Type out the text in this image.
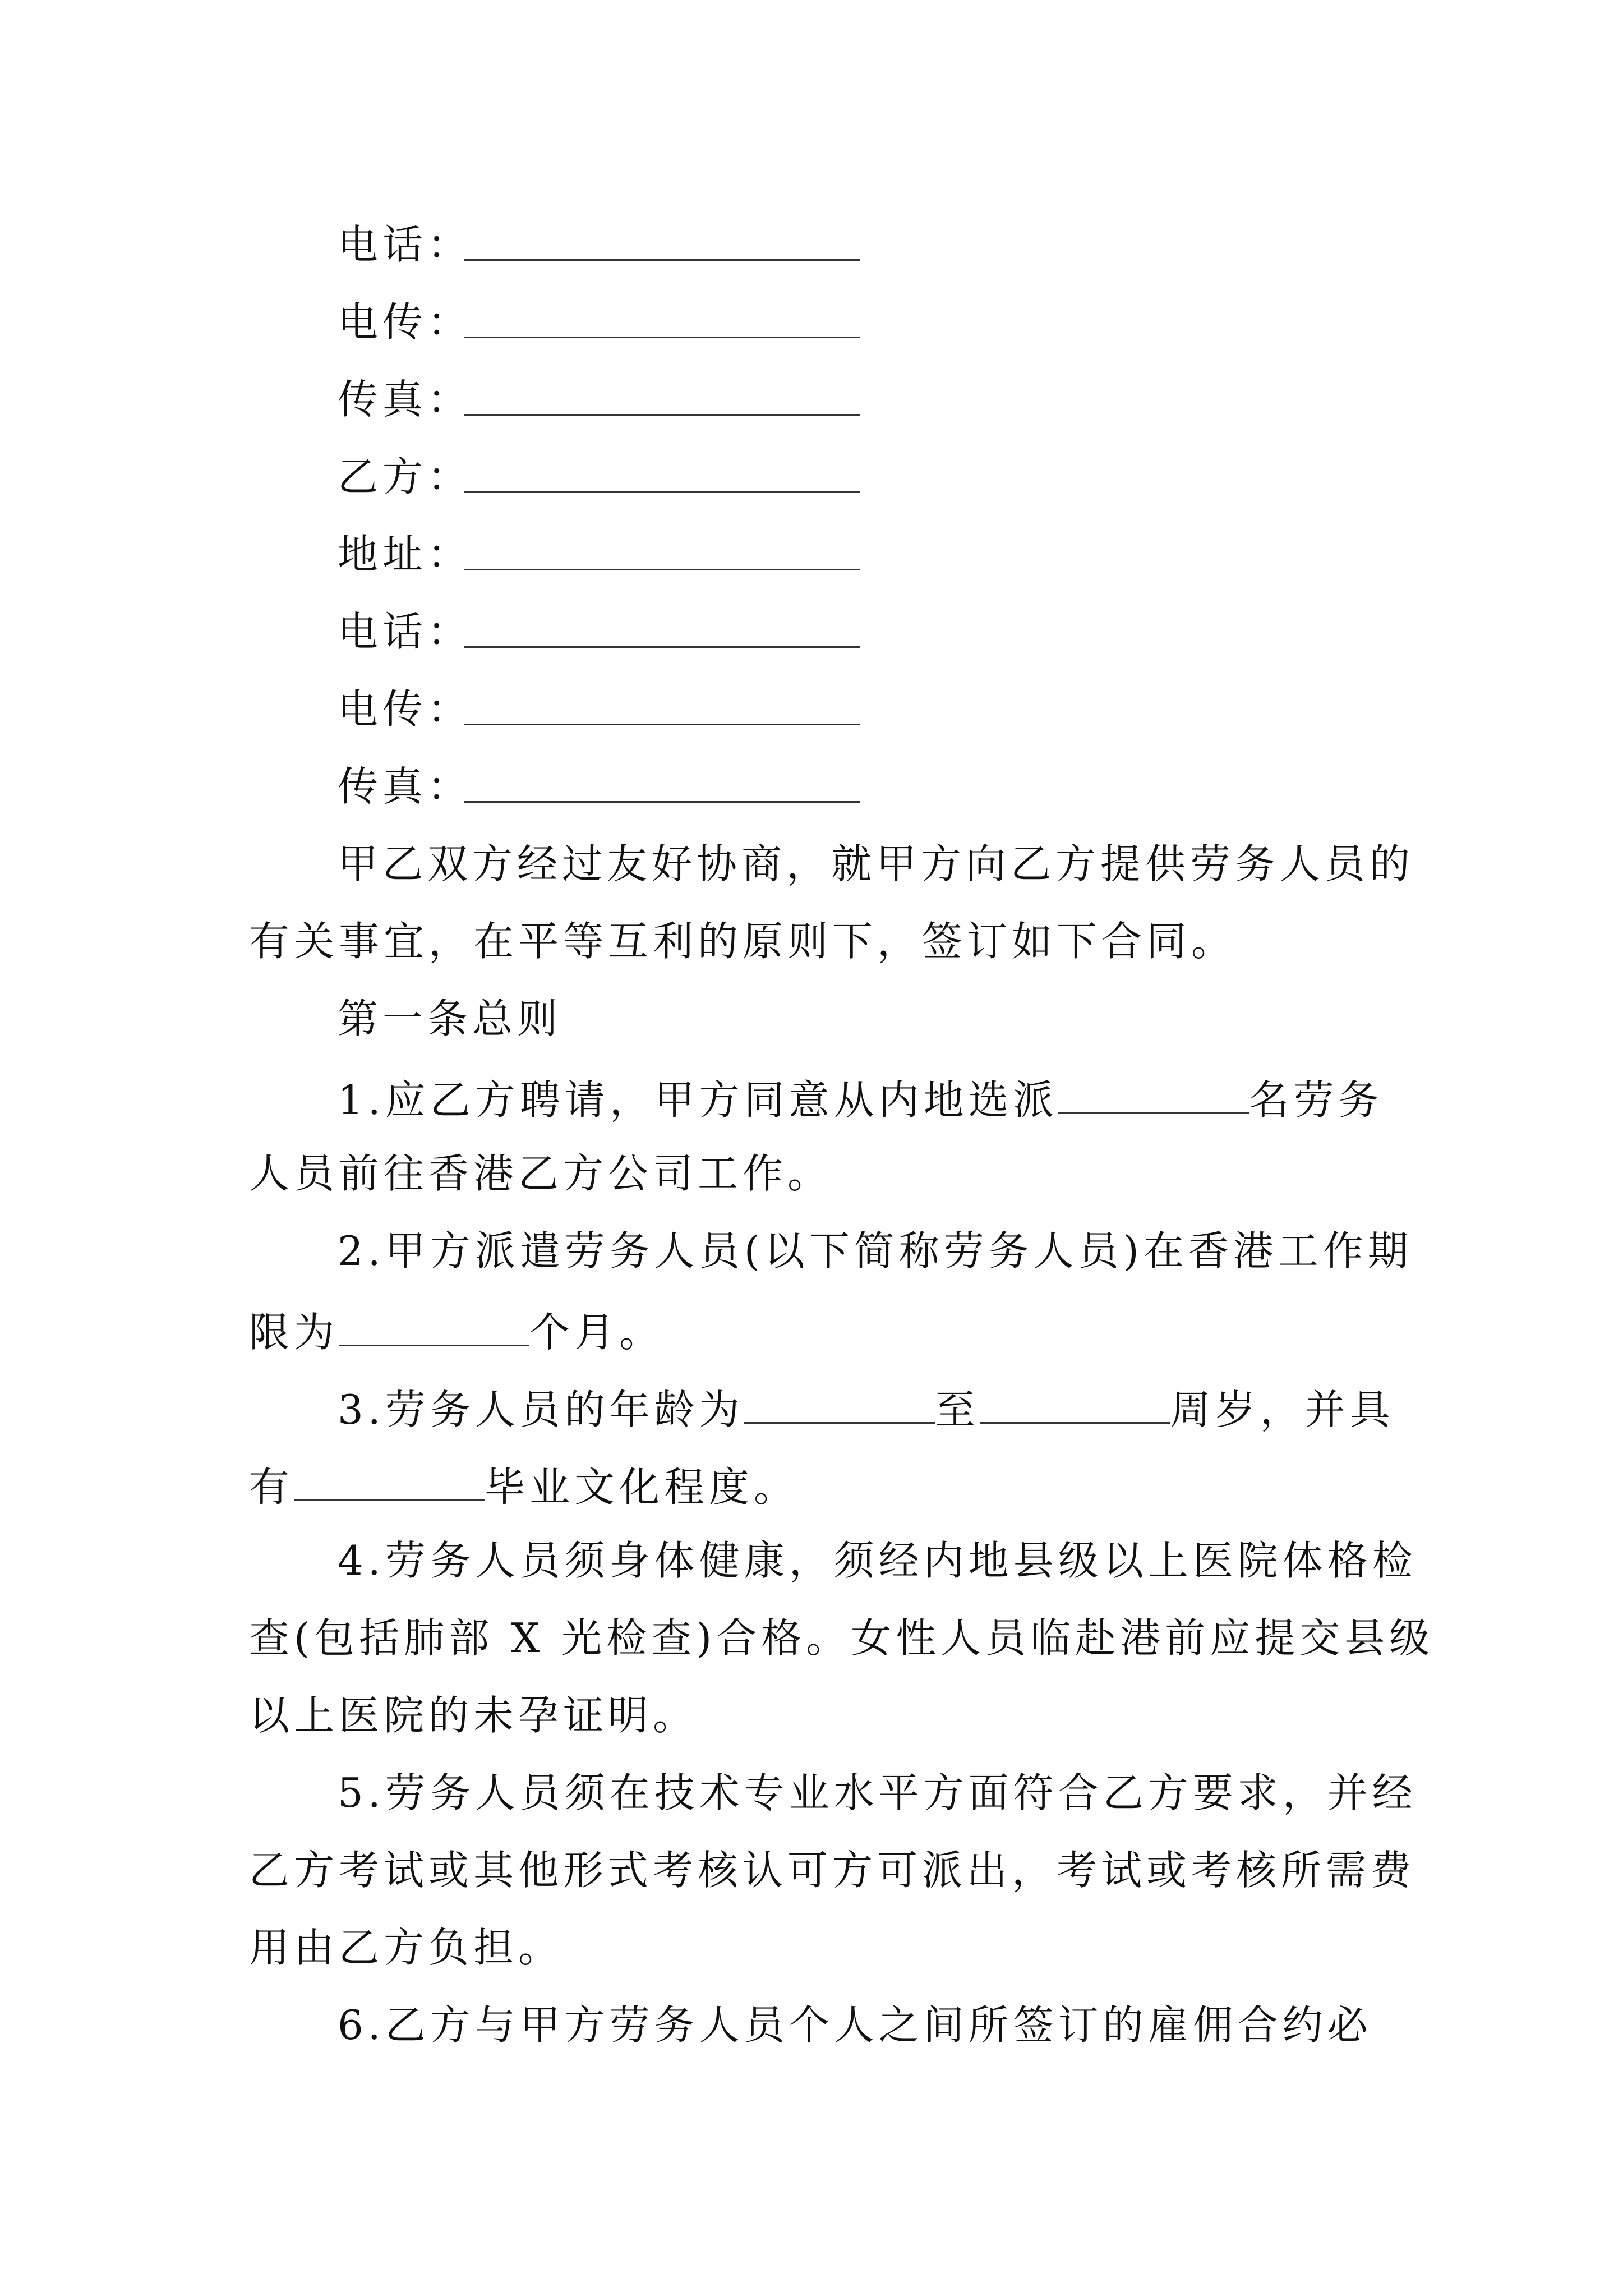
电话：
电传：
传真：
乙方：
地址：
电话：
电传：
传真：
甲乙双方经过友好协商，就甲方向乙方提供劳务人员的
有关事宜，在平等互利的原则下，签订如下合同。
第一条总则
1.应乙方聘请，甲方同意从内地选派	名劳务
人员前往香港乙方公司工作。
2.甲方派遣劳务人员(以下简称劳务人员)在香港工作期
限为	个月。
3.劳务人员的年龄为	至	周岁，并具
有	毕业文化程度。
4.劳务人员须身体健康，须经内地县级以上医院体格检
查(包括肺部 X 光检查)合格。女性人员临赴港前应提交县级
以上医院的未孕证明。
5.劳务人员须在技术专业水平方面符合乙方要求，并经
乙方考试或其他形式考核认可方可派出，考试或考核所需费
用由乙方负担。
6.乙方与甲方劳务人员个人之间所签订的雇佣合约必
